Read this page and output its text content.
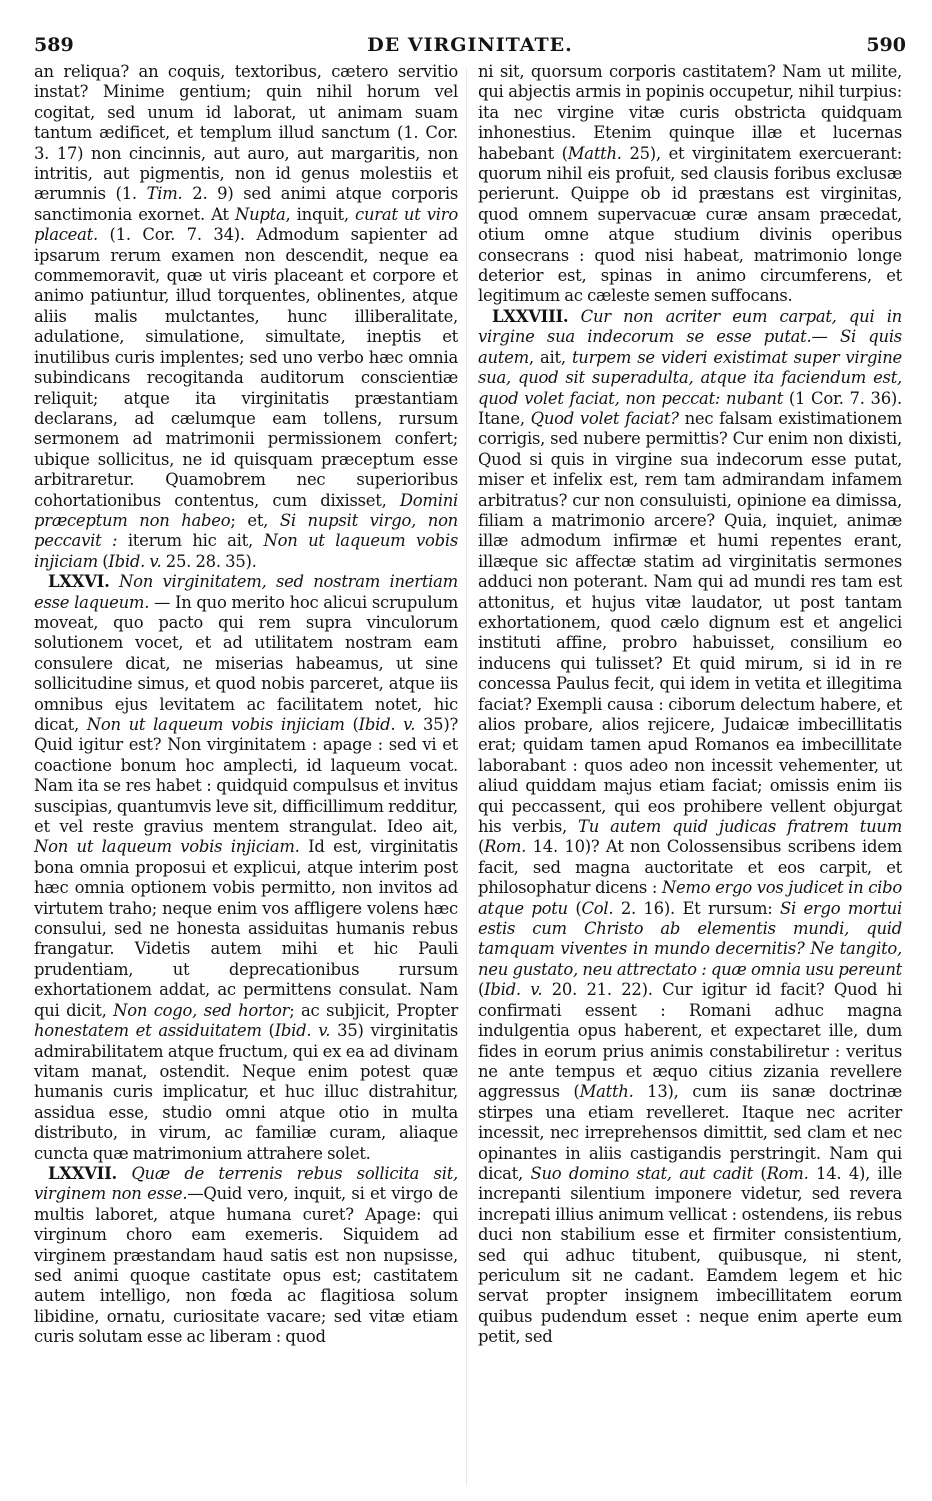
589	DE VIRGINITATE.	590

an reliqua? an coquis, textoribus, cætero servitio instat? Minime gentium; quin nihil horum vel cogitat, sed unum id laborat, ut animam suam tantum ædificet, et templum illud sanctum (1. Cor. 3. 17) non cincinnis, aut auro, aut margaritis, non intritis, aut pigmentis, non id genus molestiis et ærumnis (1. Tim. 2. 9) sed animi atque corporis sanctimonia exornet. At Nupta, inquit, curat ut viro placeat. (1. Cor. 7. 34). Admodum sapienter ad ipsarum rerum examen non descendit, neque ea commemoravit, quæ ut viris placeant et corpore et animo patiuntur, illud torquentes, oblinentes, atque aliis malis mulctantes, hunc illiberalitate, adulatione, simulatione, simultate, ineptis et inutilibus curis implentes; sed uno verbo hæc omnia subindicans recogitanda auditorum conscientiæ reliquit; atque ita virginitatis præstantiam declarans, ad cælumque eam tollens, rursum sermonem ad matrimonii permissionem confert; ubique sollicitus, ne id quisquam præceptum esse arbitraretur. Quamobrem nec superioribus cohortationibus contentus, cum dixisset, Domini præceptum non habeo; et, Si nupsit virgo, non peccavit : iterum hic ait, Non ut laqueum vobis injiciam (Ibid. v. 25. 28. 35).

LXXVI. Non virginitatem, sed nostram inertiam esse laqueum. — In quo merito hoc alicui scrupulum moveat, quo pacto qui rem supra vinculorum solutionem vocet, et ad utilitatem nostram eam consulere dicat, ne miserias habeamus, ut sine sollicitudine simus, et quod nobis parceret, atque iis omnibus ejus levitatem ac facilitatem notet, hic dicat, Non ut laqueum vobis injiciam (Ibid. v. 35)? Quid igitur est? Non virginitatem : apage : sed vi et coactione bonum hoc amplecti, id laqueum vocat. Nam ita se res habet : quidquid compulsus et invitus suscipias, quantumvis leve sit, difficillimum redditur, et vel reste gravius mentem strangulat. Ideo ait, Non ut laqueum vobis injiciam. Id est, virginitatis bona omnia proposui et explicui, atque interim post hæc omnia optionem vobis permitto, non invitos ad virtutem traho; neque enim vos affligere volens hæc consului, sed ne honesta assiduitas humanis rebus frangatur. Videtis autem mihi et hic Pauli prudentiam, ut deprecationibus rursum exhortationem addat, ac permittens consulat. Nam qui dicit, Non cogo, sed hortor; ac subjicit, Propter honestatem et assiduitatem (Ibid. v. 35) virginitatis admirabilitatem atque fructum, qui ex ea ad divinam vitam manat, ostendit. Neque enim potest quæ humanis curis implicatur, et huc illuc distrahitur, assidua esse, studio omni atque otio in multa distributo, in virum, ac familiæ curam, aliaque cuncta quæ matrimonium attrahere solet.

LXXVII. Quæ de terrenis rebus sollicita sit, virginem non esse.—Quid vero, inquit, si et virgo de multis laboret, atque humana curet? Apage: qui virginum choro eam exemeris. Siquidem ad virginem præstandam haud satis est non nupsisse, sed animi quoque castitate opus est; castitatem autem intelligo, non fœda ac flagitiosa solum libidine, ornatu, curiositate vacare; sed vitæ etiam curis solutam esse ac liberam : quod

ni sit, quorsum corporis castitatem? Nam ut milite, qui abjectis armis in popinis occupetur, nihil turpius: ita nec virgine vitæ curis obstricta quidquam inhonestius. Etenim quinque illæ et lucernas habebant (Matth. 25), et virginitatem exercuerant: quorum nihil eis profuit, sed clausis foribus exclusæ perierunt. Quippe ob id præstans est virginitas, quod omnem supervacuæ curæ ansam præcedat, otium omne atque studium divinis operibus consecrans : quod nisi habeat, matrimonio longe deterior est, spinas in animo circumferens, et legitimum ac cæleste semen suffocans.

LXXVIII. Cur non acriter eum carpat, qui in virgine sua indecorum se esse putat.— Si quis autem, ait, turpem se videri existimat super virgine sua, quod sit superadulta, atque ita faciendum est, quod volet faciat, non peccat: nubant (1 Cor. 7. 36). Itane, Quod volet faciat? nec falsam existimationem corrigis, sed nubere permittis? Cur enim non dixisti, Quod si quis in virgine sua indecorum esse putat, miser et infelix est, rem tam admirandam infamem arbitratus? cur non consuluisti, opinione ea dimissa, filiam a matrimonio arcere? Quia, inquiet, animæ illæ admodum infirmæ et humi repentes erant, illæque sic affectæ statim ad virginitatis sermones adduci non poterant. Nam qui ad mundi res tam est attonitus, et hujus vitæ laudator, ut post tantam exhortationem, quod cælo dignum est et angelici instituti affine, probro habuisset, consilium eo inducens qui tulisset? Et quid mirum, si id in re concessa Paulus fecit, qui idem in vetita et illegitima faciat? Exempli causa : ciborum delectum habere, et alios probare, alios rejicere, Judaicæ imbecillitatis erat; quidam tamen apud Romanos ea imbecillitate laborabant : quos adeo non incessit vehementer, ut aliud quiddam majus etiam faciat; omissis enim iis qui peccassent, qui eos prohibere vellent objurgat his verbis, Tu autem quid judicas fratrem tuum (Rom. 14. 10)? At non Colossensibus scribens idem facit, sed magna auctoritate et eos carpit, et philosophatur dicens : Nemo ergo vos judicet in cibo atque potu (Col. 2. 16). Et rursum: Si ergo mortui estis cum Christo ab elementis mundi, quid tamquam viventes in mundo decernitis? Ne tangito, neu gustato, neu attrectato : quæ omnia usu pereunt (Ibid. v. 20. 21. 22). Cur igitur id facit? Quod hi confirmati essent : Romani adhuc magna indulgentia opus haberent, et expectaret ille, dum fides in eorum prius animis constabiliretur : veritus ne ante tempus et æquo citius zizania revellere aggressus (Matth. 13), cum iis sanæ doctrinæ stirpes una etiam revelleret. Itaque nec acriter incessit, nec irreprehensos dimittit, sed clam et nec opinantes in aliis castigandis perstringit. Nam qui dicat, Suo domino stat, aut cadit (Rom. 14. 4), ille increpanti silentium imponere videtur, sed revera increpati illius animum vellicat : ostendens, iis rebus duci non stabilium esse et firmiter consistentium, sed qui adhuc titubent, quibusque, ni stent, periculum sit ne cadant. Eamdem legem et hic servat propter insignem imbecillitatem eorum quibus pudendum esset : neque enim aperte eum petit, sed
